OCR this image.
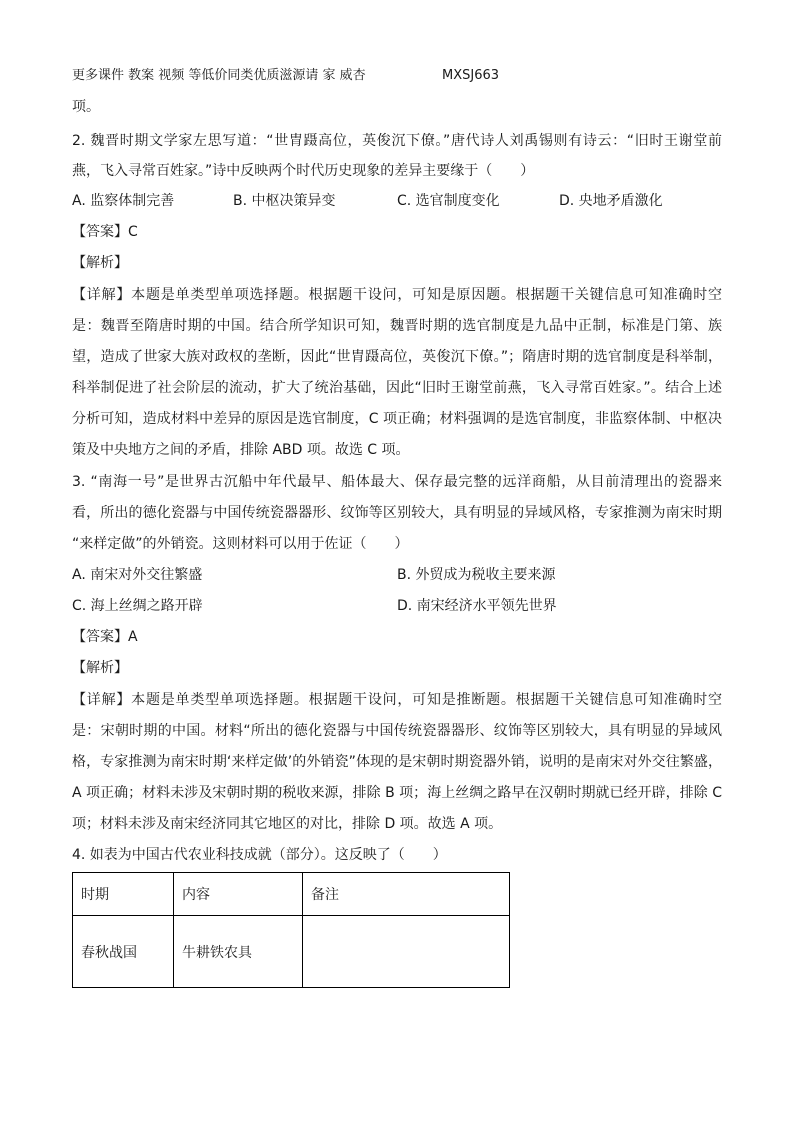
更多课件 教案 视频 等低价同类优质滋源请 家 威杏	MXSJ663
项。
2. 魏晋时期文学家左思写道：“世胄蹑高位，英俊沉下僚。”唐代诗人刘禹锡则有诗云：“旧时王谢堂前
燕，飞入寻常百姓家。”诗中反映两个时代历史现象的差异主要缘于（　　）
A. 监察体制完善	B. 中枢决策异变	C. 选官制度变化	D. 央地矛盾激化
【答案】C
【解析】
【详解】本题是单类型单项选择题。根据题干设问，可知是原因题。根据题干关键信息可知准确时空
是：魏晋至隋唐时期的中国。结合所学知识可知，魏晋时期的选官制度是九品中正制，标准是门第、族
望，造成了世家大族对政权的垄断，因此“世胄蹑高位，英俊沉下僚。”；隋唐时期的选官制度是科举制，
科举制促进了社会阶层的流动，扩大了统治基础，因此“旧时王谢堂前燕，飞入寻常百姓家。”。结合上述
分析可知，造成材料中差异的原因是选官制度，C 项正确；材料强调的是选官制度，非监察体制、中枢决
策及中央地方之间的矛盾，排除 ABD 项。故选 C 项。
3. “南海一号”是世界古沉船中年代最早、船体最大、保存最完整的远洋商船，从目前清理出的瓷器来
看，所出的德化瓷器与中国传统瓷器器形、纹饰等区别较大，具有明显的异域风格，专家推测为南宋时期
“来样定做”的外销瓷。这则材料可以用于佐证（　　）
A. 南宋对外交往繁盛	B. 外贸成为税收主要来源
C. 海上丝绸之路开辟	D. 南宋经济水平领先世界
【答案】A
【解析】
【详解】本题是单类型单项选择题。根据题干设问，可知是推断题。根据题干关键信息可知准确时空
是：宋朝时期的中国。材料“所出的德化瓷器与中国传统瓷器器形、纹饰等区别较大，具有明显的异域风
格，专家推测为南宋时期‘来样定做’的外销瓷”体现的是宋朝时期瓷器外销，说明的是南宋对外交往繁盛，
A 项正确；材料未涉及宋朝时期的税收来源，排除 B 项；海上丝绸之路早在汉朝时期就已经开辟，排除 C
项；材料未涉及南宋经济同其它地区的对比，排除 D 项。故选 A 项。
4. 如表为中国古代农业科技成就（部分）。这反映了（　　）
时期	内容	备注
春秋战国	牛耕铁农具	
